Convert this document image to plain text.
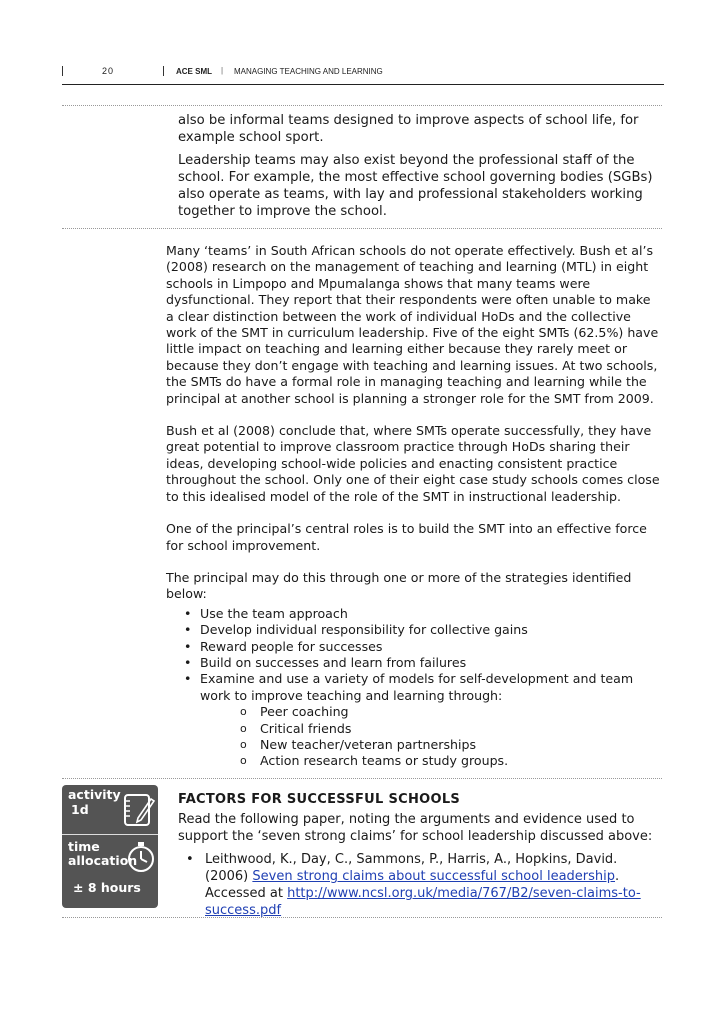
20	ACE SML | MANAGING TEACHING AND LEARNING

also be informal teams designed to improve aspects of school life, for example school sport.

Leadership teams may also exist beyond the professional staff of the school. For example, the most effective school governing bodies (SGBs) also operate as teams, with lay and professional stakeholders working together to improve the school.

Many ‘teams’ in South African schools do not operate effectively. Bush et al’s (2008) research on the management of teaching and learning (MTL) in eight schools in Limpopo and Mpumalanga shows that many teams were dysfunctional. They report that their respondents were often unable to make a clear distinction between the work of individual HoDs and the collective work of the SMT in curriculum leadership. Five of the eight SMTs (62.5%) have little impact on teaching and learning either because they rarely meet or because they don’t engage with teaching and learning issues. At two schools, the SMTs do have a formal role in managing teaching and learning while the principal at another school is planning a stronger role for the SMT from 2009.

Bush et al (2008) conclude that, where SMTs operate successfully, they have great potential to improve classroom practice through HoDs sharing their ideas, developing school-wide policies and enacting consistent practice throughout the school. Only one of their eight case study schools comes close to this idealised model of the role of the SMT in instructional leadership.

One of the principal’s central roles is to build the SMT into an effective force for school improvement.

The principal may do this through one or more of the strategies identified below:

• Use the team approach
• Develop individual responsibility for collective gains
• Reward people for successes
• Build on successes and learn from failures
• Examine and use a variety of models for self-development and team work to improve teaching and learning through:
o Peer coaching
o Critical friends
o New teacher/veteran partnerships
o Action research teams or study groups.
activity
1d
time
allocation
± 8 hours
FACTORS FOR SUCCESSFUL SCHOOLS

Read the following paper, noting the arguments and evidence used to support the ‘seven strong claims’ for school leadership discussed above:

• Leithwood, K., Day, C., Sammons, P., Harris, A., Hopkins, David. (2006) Seven strong claims about successful school leadership. Accessed at http://www.ncsl.org.uk/media/767/B2/seven-claims-to-success.pdf
